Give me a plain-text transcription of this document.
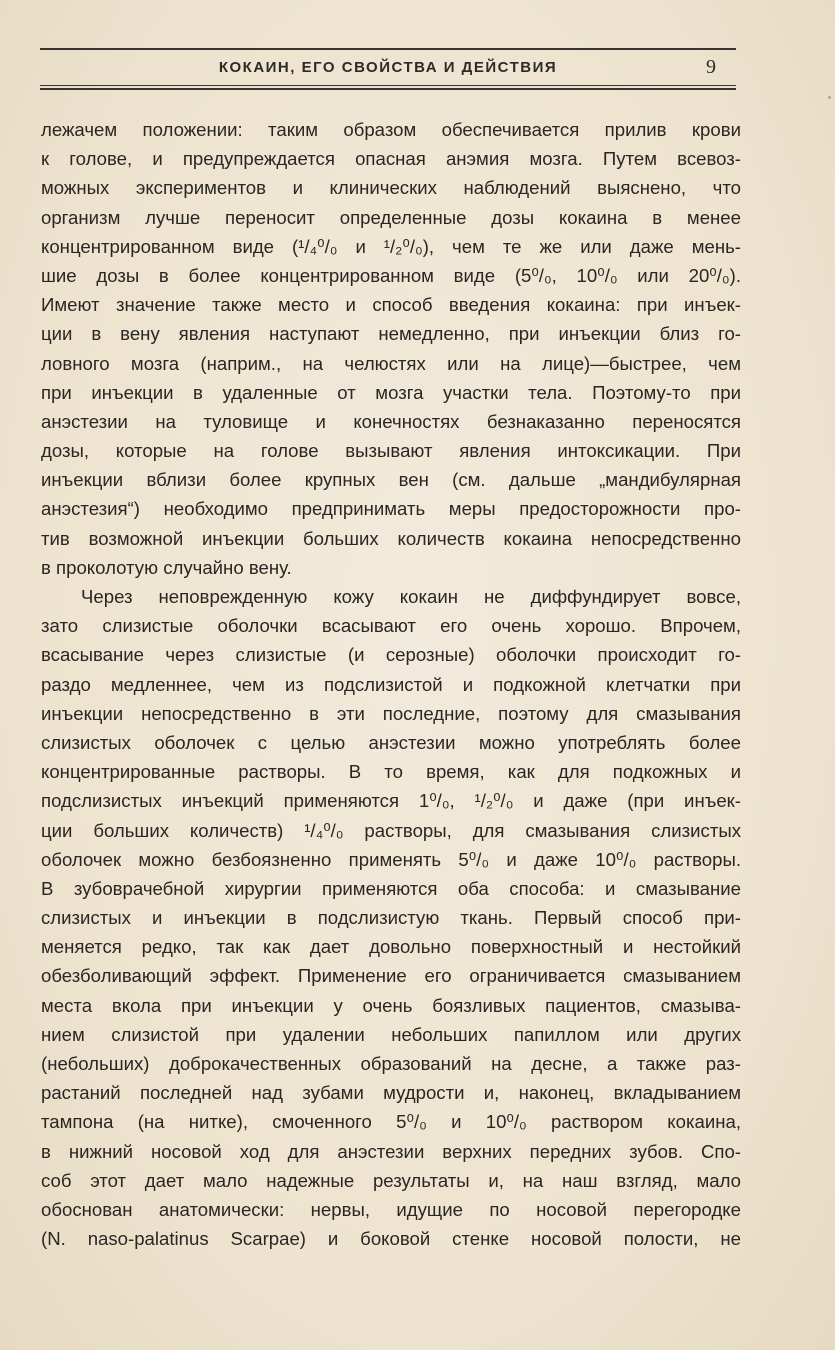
КОКАИН, ЕГО СВОЙСТВА И ДЕЙСТВИЯ	9
лежачем положении: таким образом обеспечивается прилив крови
к голове, и предупреждается опасная анэмия мозга. Путем всевоз-
можных экспериментов и клинических наблюдений выяснено, что
организм лучше переносит определенные дозы кокаина в менее
концентрированном виде (¹/₄⁰/₀ и ¹/₂⁰/₀), чем те же или даже мень-
шие дозы в более концентрированном виде (5⁰/₀, 10⁰/₀ или 20⁰/₀).
Имеют значение также место и способ введения кокаина: при инъек-
ции в вену явления наступают немедленно, при инъекции близ го-
ловного мозга (наприм., на челюстях или на лице)—быстрее, чем
при инъекции в удаленные от мозга участки тела. Поэтому-то при
анэстезии на туловище и конечностях безнаказанно переносятся
дозы, которые на голове вызывают явления интоксикации. При
инъекции вблизи более крупных вен (см. дальше „мандибулярная
анэстезия“) необходимо предпринимать меры предосторожности про-
тив возможной инъекции больших количеств кокаина непосредственно
в проколотую случайно вену.
Через неповрежденную кожу кокаин не диффундирует вовсе,
зато слизистые оболочки всасывают его очень хорошо. Впрочем,
всасывание через слизистые (и серозные) оболочки происходит го-
раздо медленнее, чем из подслизистой и подкожной клетчатки при
инъекции непосредственно в эти последние, поэтому для смазывания
слизистых оболочек с целью анэстезии можно употреблять более
концентрированные растворы. В то время, как для подкожных и
подслизистых инъекций применяются 1⁰/₀, ¹/₂⁰/₀ и даже (при инъек-
ции больших количеств) ¹/₄⁰/₀ растворы, для смазывания слизистых
оболочек можно безбоязненно применять 5⁰/₀ и даже 10⁰/₀ растворы.
В зубоврачебной хирургии применяются оба способа: и смазывание
слизистых и инъекции в подслизистую ткань. Первый способ при-
меняется редко, так как дает довольно поверхностный и нестойкий
обезболивающий эффект. Применение его ограничивается смазыванием
места вкола при инъекции у очень боязливых пациентов, смазыва-
нием слизистой при удалении небольших папиллом или других
(небольших) доброкачественных образований на десне, а также раз-
растаний последней над зубами мудрости и, наконец, вкладыванием
тампона (на нитке), смоченного 5⁰/₀ и 10⁰/₀ раствором кокаина,
в нижний носовой ход для анэстезии верхних передних зубов. Спо-
соб этот дает мало надежные результаты и, на наш взгляд, мало
обоснован анатомически: нервы, идущие по носовой перегородке
(N. naso-palatinus Scarpae) и боковой стенке носовой полости, не
